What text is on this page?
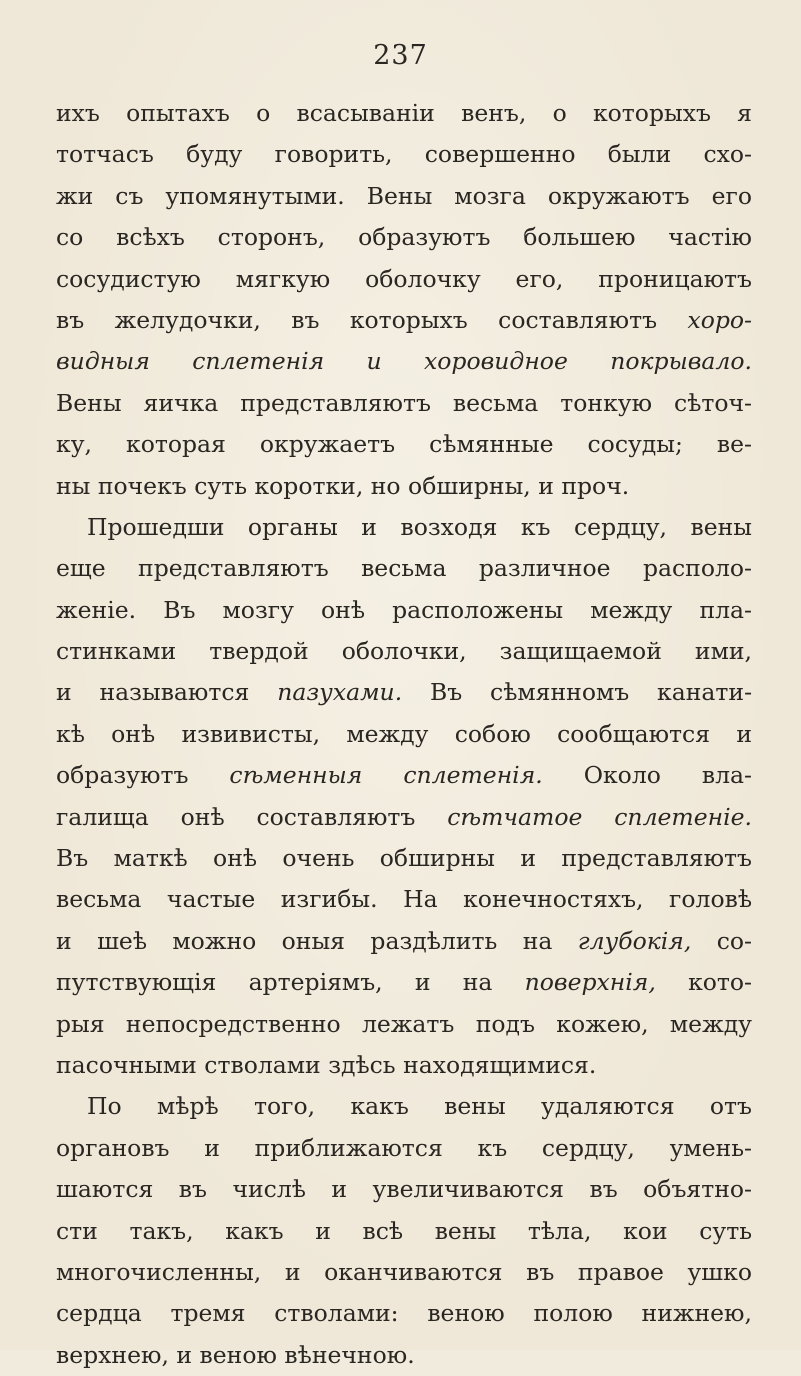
237
ихъ опытахъ о всасываніи венъ, о которыхъ я
тотчасъ буду говорить, совершенно были схо-
жи съ упомянутыми. Вены мозга окружаютъ его
со всѣхъ сторонъ, образуютъ большею частію
сосудистую мягкую оболочку его, проницаютъ
въ желудочки, въ которыхъ составляютъ хоро-
видныя сплетенія и хоровидное покрывало.
Вены яичка представляютъ весьма тонкую сѣточ-
ку, которая окружаетъ сѣмянные сосуды; ве-
ны почекъ суть коротки, но обширны, и проч.
Прошедши органы и возходя къ сердцу, вены
еще представляютъ весьма различное располо-
женіе. Въ мозгу онѣ расположены между пла-
стинками твердой оболочки, защищаемой ими,
и называются пазухами. Въ сѣмянномъ канати-
кѣ онѣ извивисты, между собою сообщаются и
образуютъ сѣменныя сплетенія. Около вла-
галища онѣ составляютъ сѣтчатое сплетеніе.
Въ маткѣ онѣ очень обширны и представляютъ
весьма частые изгибы. На конечностяхъ, головѣ
и шеѣ можно оныя раздѣлить на глубокія, со-
путствующія артеріямъ, и на поверхнія, кото-
рыя непосредственно лежатъ подъ кожею, между
пасочными стволами здѣсь находящимися.
По мѣрѣ того, какъ вены удаляются отъ
органовъ и приближаются къ сердцу, умень-
шаются въ числѣ и увеличиваются въ объятно-
сти такъ, какъ и всѣ вены тѣла, кои суть
многочисленны, и оканчиваются въ правое ушко
сердца тремя стволами: веною полою нижнею,
верхнею, и веною вѣнечною.
